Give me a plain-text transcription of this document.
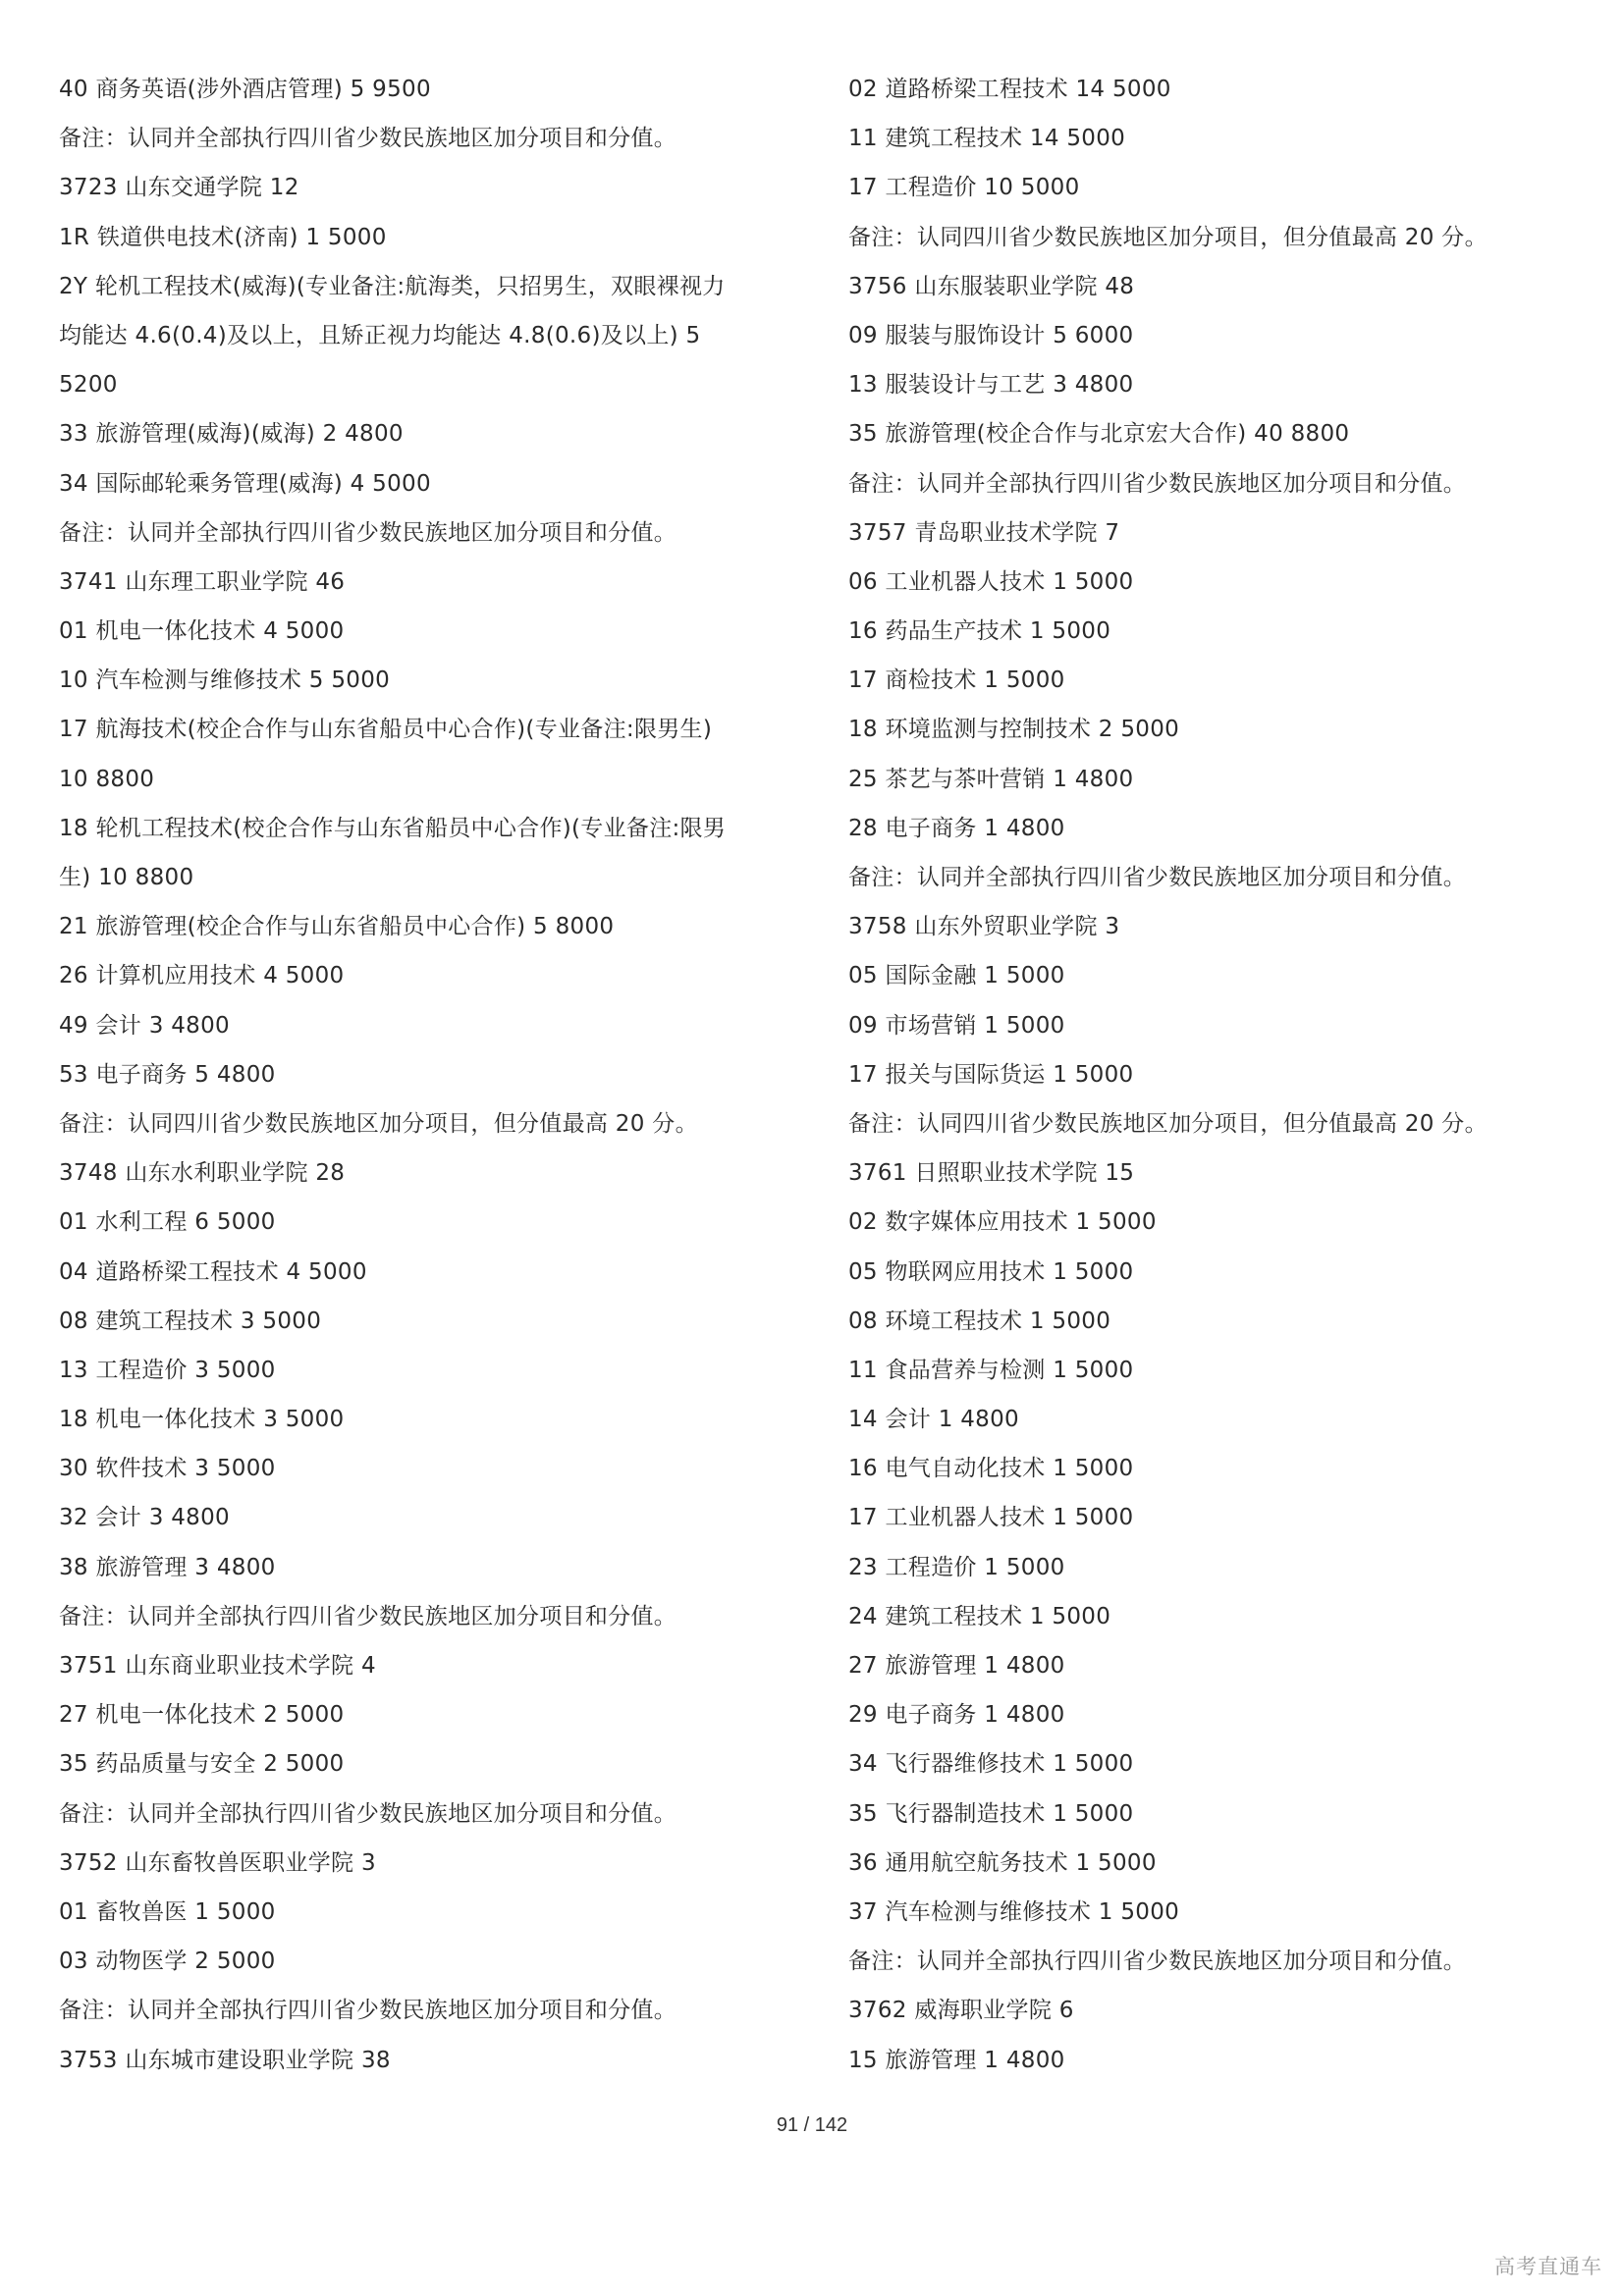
40 商务英语(涉外酒店管理) 5 9500
备注：认同并全部执行四川省少数民族地区加分项目和分值。
3723 山东交通学院 12
1R 铁道供电技术(济南) 1 5000
2Y 轮机工程技术(威海)(专业备注:航海类，只招男生，双眼裸视力
均能达 4.6(0.4)及以上，且矫正视力均能达 4.8(0.6)及以上) 5
5200
33 旅游管理(威海)(威海) 2 4800
34 国际邮轮乘务管理(威海) 4 5000
备注：认同并全部执行四川省少数民族地区加分项目和分值。
3741 山东理工职业学院 46
01 机电一体化技术 4 5000
10 汽车检测与维修技术 5 5000
17 航海技术(校企合作与山东省船员中心合作)(专业备注:限男生)
10 8800
18 轮机工程技术(校企合作与山东省船员中心合作)(专业备注:限男
生) 10 8800
21 旅游管理(校企合作与山东省船员中心合作) 5 8000
26 计算机应用技术 4 5000
49 会计 3 4800
53 电子商务 5 4800
备注：认同四川省少数民族地区加分项目，但分值最高 20 分。
3748 山东水利职业学院 28
01 水利工程 6 5000
04 道路桥梁工程技术 4 5000
08 建筑工程技术 3 5000
13 工程造价 3 5000
18 机电一体化技术 3 5000
30 软件技术 3 5000
32 会计 3 4800
38 旅游管理 3 4800
备注：认同并全部执行四川省少数民族地区加分项目和分值。
3751 山东商业职业技术学院 4
27 机电一体化技术 2 5000
35 药品质量与安全 2 5000
备注：认同并全部执行四川省少数民族地区加分项目和分值。
3752 山东畜牧兽医职业学院 3
01 畜牧兽医 1 5000
03 动物医学 2 5000
备注：认同并全部执行四川省少数民族地区加分项目和分值。
3753 山东城市建设职业学院 38
02 道路桥梁工程技术 14 5000
11 建筑工程技术 14 5000
17 工程造价 10 5000
备注：认同四川省少数民族地区加分项目，但分值最高 20 分。
3756 山东服装职业学院 48
09 服装与服饰设计 5 6000
13 服装设计与工艺 3 4800
35 旅游管理(校企合作与北京宏大合作) 40 8800
备注：认同并全部执行四川省少数民族地区加分项目和分值。
3757 青岛职业技术学院 7
06 工业机器人技术 1 5000
16 药品生产技术 1 5000
17 商检技术 1 5000
18 环境监测与控制技术 2 5000
25 茶艺与茶叶营销 1 4800
28 电子商务 1 4800
备注：认同并全部执行四川省少数民族地区加分项目和分值。
3758 山东外贸职业学院 3
05 国际金融 1 5000
09 市场营销 1 5000
17 报关与国际货运 1 5000
备注：认同四川省少数民族地区加分项目，但分值最高 20 分。
3761 日照职业技术学院 15
02 数字媒体应用技术 1 5000
05 物联网应用技术 1 5000
08 环境工程技术 1 5000
11 食品营养与检测 1 5000
14 会计 1 4800
16 电气自动化技术 1 5000
17 工业机器人技术 1 5000
23 工程造价 1 5000
24 建筑工程技术 1 5000
27 旅游管理 1 4800
29 电子商务 1 4800
34 飞行器维修技术 1 5000
35 飞行器制造技术 1 5000
36 通用航空航务技术 1 5000
37 汽车检测与维修技术 1 5000
备注：认同并全部执行四川省少数民族地区加分项目和分值。
3762 威海职业学院 6
15 旅游管理 1 4800
91 / 142
高考直通车
